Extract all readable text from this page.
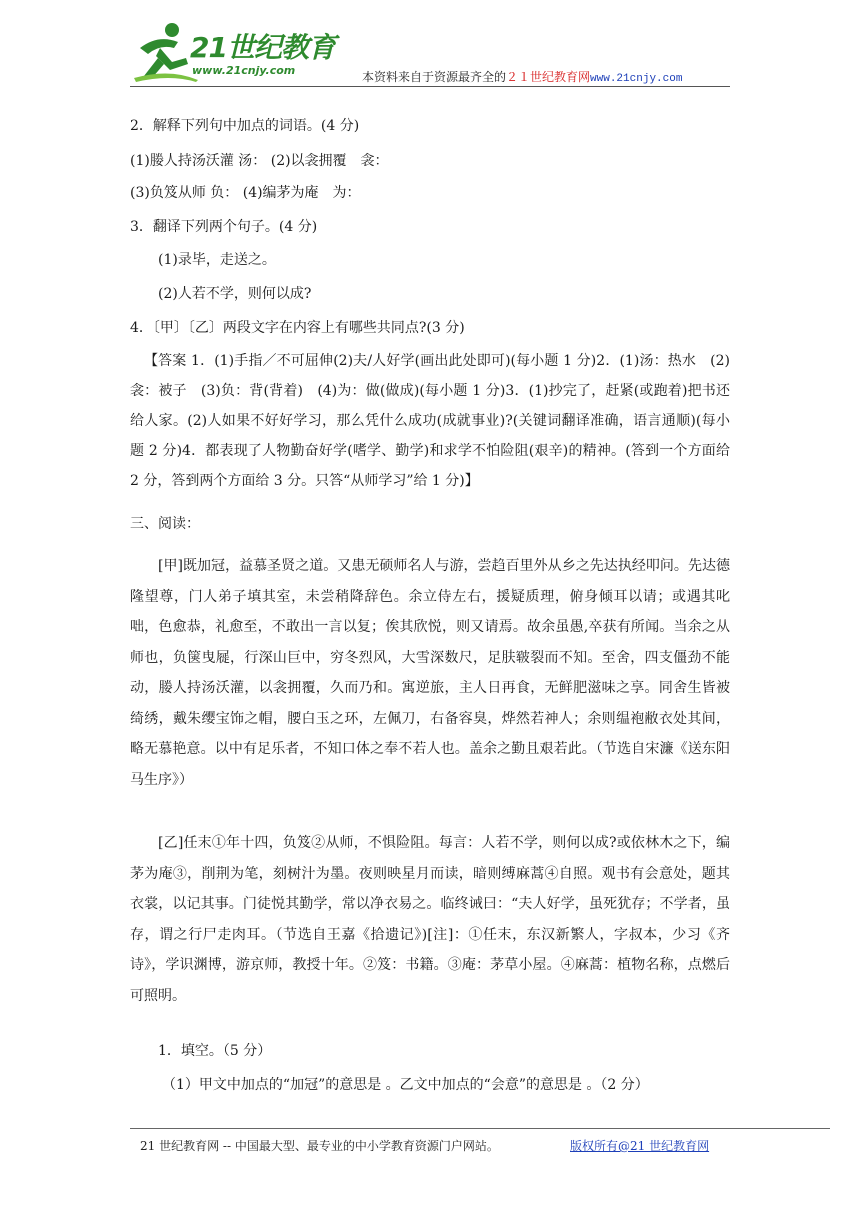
21世纪教育
www.21cnjy.com	本资料来自于资源最齐全的２１世纪教育网www.21cnjy.com
2．解释下列句中加点的词语。(4 分)
(1)媵人持汤沃灌 汤： (2)以衾拥覆　衾：
(3)负笈从师 负： (4)编茅为庵　为：
3．翻译下列两个句子。(4 分)
(1)录毕，走送之。
(2)人若不学，则何以成?
4．〔甲〕〔乙〕两段文字在内容上有哪些共同点?(3 分)
【答案 1．(1)手指／不可屈伸(2)夫/人好学(画出此处即可)(每小题 1 分)2．(1)汤：热水　(2)衾：被子　(3)负：背(背着)　(4)为：做(做成)(每小题 1 分)3．(1)抄完了，赶紧(或跑着)把书还给人家。(2)人如果不好好学习，那么凭什么成功(成就事业)?(关键词翻译准确，语言通顺)(每小题 2 分)4．都表现了人物勤奋好学(嗜学、勤学)和求学不怕险阻(艰辛)的精神。(答到一个方面给 2 分，答到两个方面给 3 分。只答“从师学习”给 1 分)】
三、阅读：
[甲]既加冠，益慕圣贤之道。又患无硕师名人与游，尝趋百里外从乡之先达执经叩问。先达德隆望尊，门人弟子填其室，未尝稍降辞色。余立侍左右，援疑质理，俯身倾耳以请；或遇其叱咄，色愈恭，礼愈至，不敢出一言以复；俟其欣悦，则又请焉。故余虽愚,卒获有所闻。当余之从师也，负箧曳屣，行深山巨中，穷冬烈风，大雪深数尺，足肤皲裂而不知。至舍，四支僵劲不能动，媵人持汤沃灌，以衾拥覆，久而乃和。寓逆旅，主人日再食，无鲜肥滋味之享。同舍生皆被绮绣，戴朱缨宝饰之帽，腰白玉之环，左佩刀，右备容臭，烨然若神人；余则缊袍敝衣处其间，略无慕艳意。以中有足乐者，不知口体之奉不若人也。盖余之勤且艰若此。（节选自宋濂《送东阳马生序》）
[乙]任末①年十四，负笈②从师，不惧险阻。每言：人若不学，则何以成?或依林木之下，编茅为庵③，削荆为笔，刻树汁为墨。夜则映星月而读，暗则缚麻蒿④自照。观书有会意处，题其衣裳，以记其事。门徒悦其勤学，常以净衣易之。临终诫曰：“夫人好学，虽死犹存；不学者，虽存，谓之行尸走肉耳。（节选自王嘉《拾遗记》)[注]：①任末，东汉新繁人，字叔本，少习《齐诗》，学识渊博，游京师，教授十年。②笈：书籍。③庵：茅草小屋。④麻蒿：植物名称，点燃后可照明。
1．填空。（5 分）
（1）甲文中加点的“加冠”的意思是 。乙文中加点的“会意”的意思是 。（2 分）
21 世纪教育网 -- 中国最大型、最专业的中小学教育资源门户网站。	版权所有@21 世纪教育网
